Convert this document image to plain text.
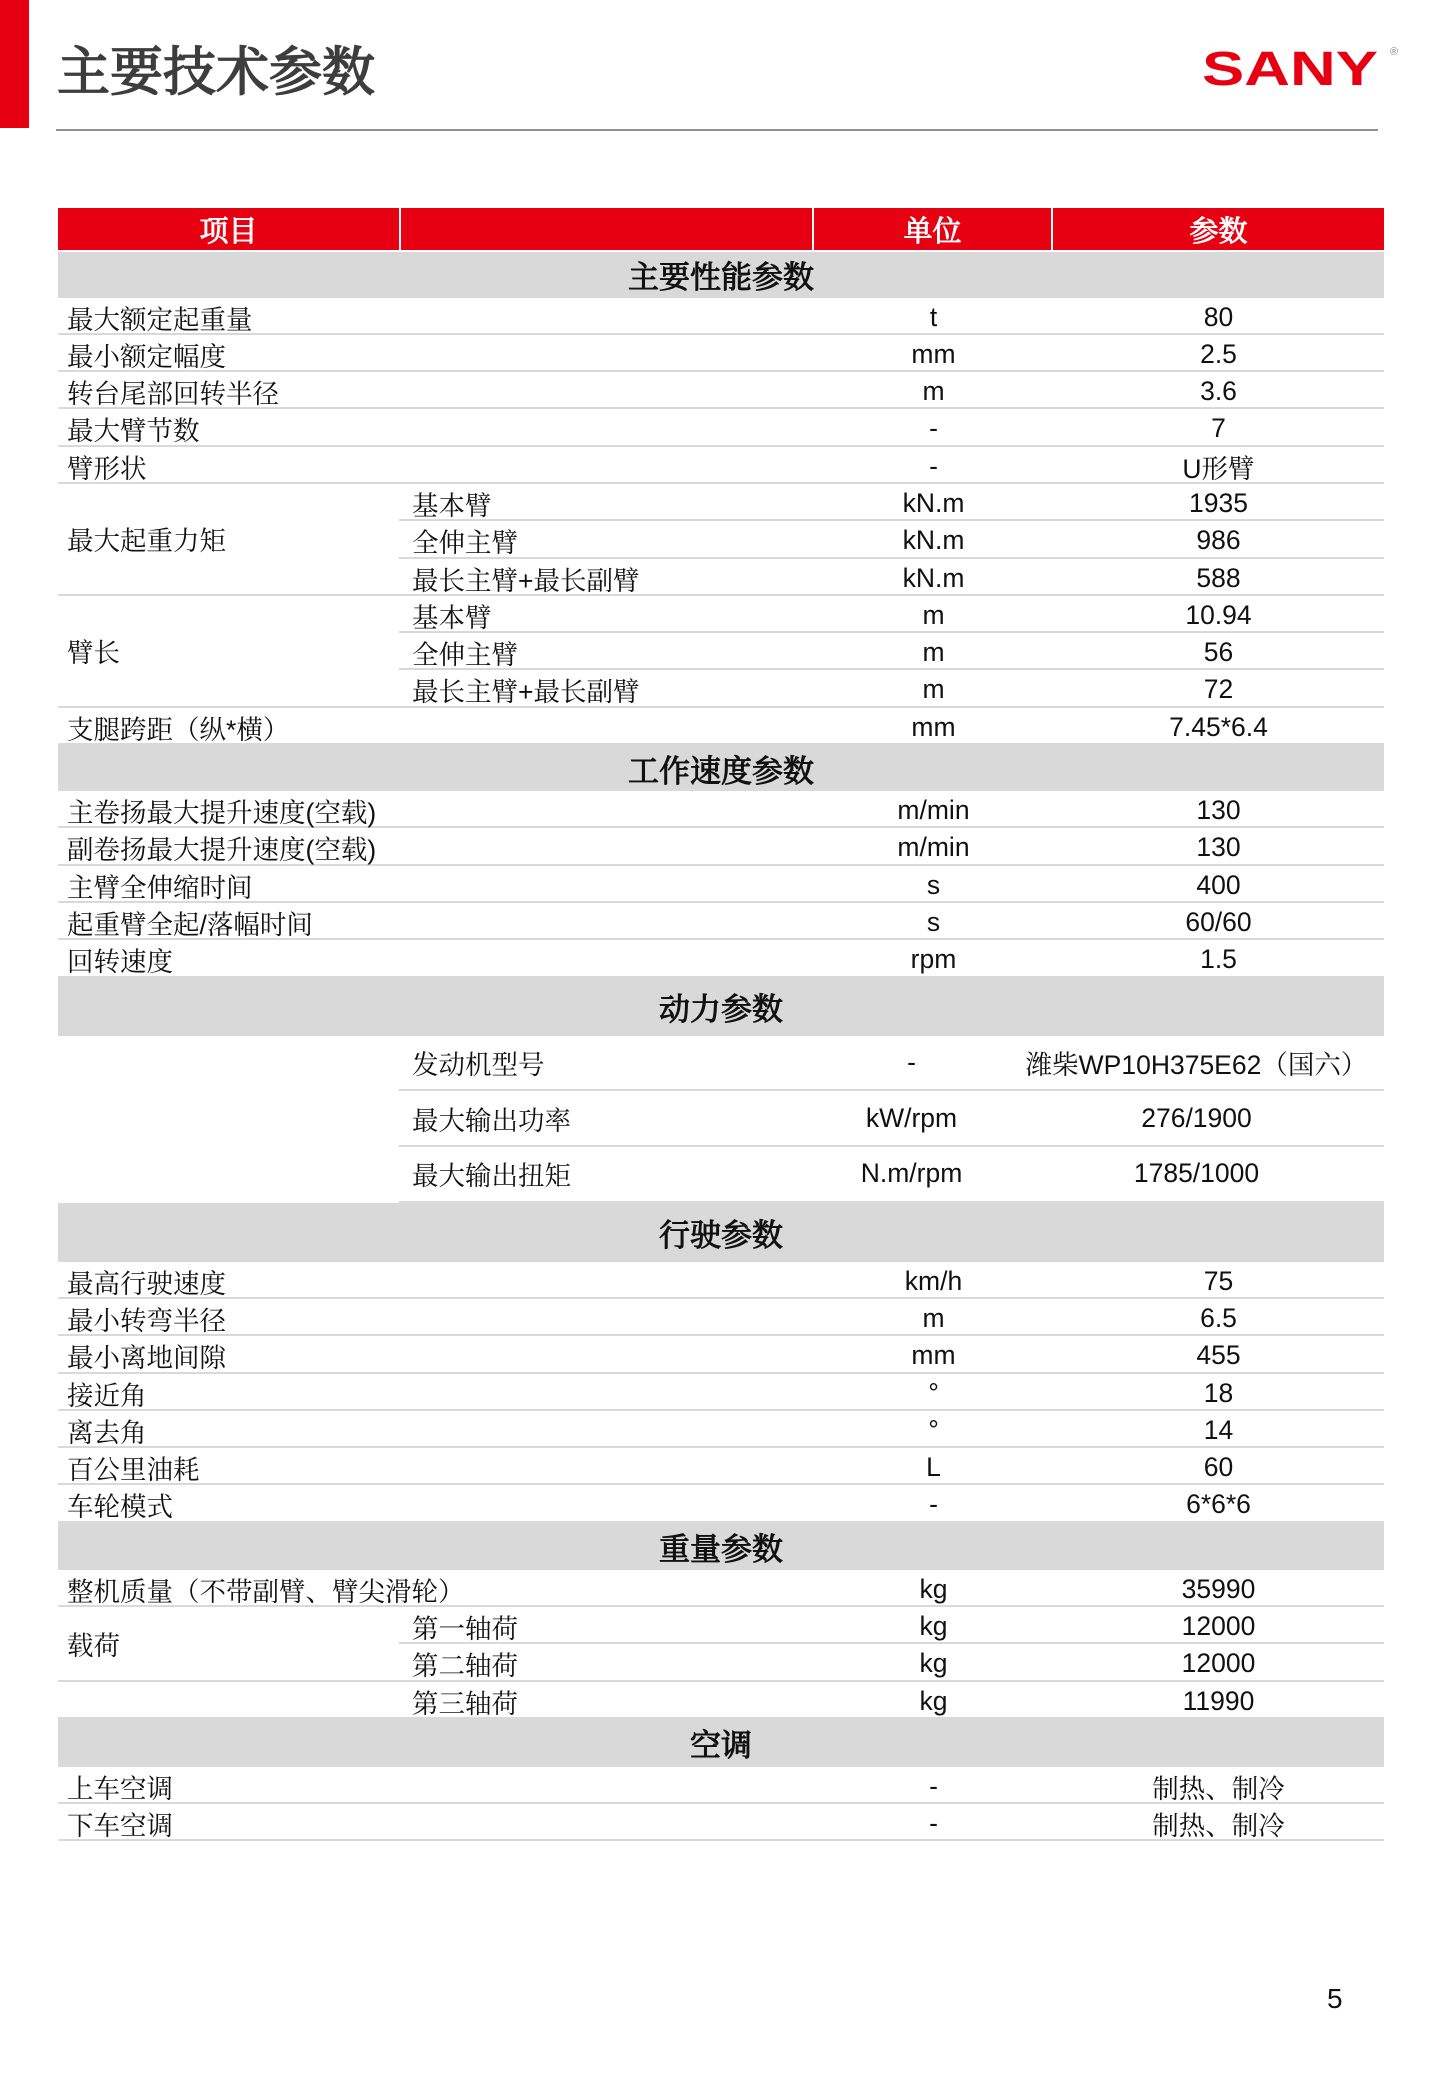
主要技术参数	SANY ®
项目	单位	参数
主要性能参数
最大额定起重量	t	80
最小额定幅度	mm	2.5
转台尾部回转半径	m	3.6
最大臂节数	-	7
臂形状	-	U形臂
最大起重力矩
基本臂	kN.m	1935
全伸主臂	kN.m	986
最长主臂+最长副臂	kN.m	588
臂长
基本臂	m	10.94
全伸主臂	m	56
最长主臂+最长副臂	m	72
支腿跨距（纵*横）	mm	7.45*6.4
工作速度参数
主卷扬最大提升速度(空载)	m/min	130
副卷扬最大提升速度(空载)	m/min	130
主臂全伸缩时间	s	400
起重臂全起/落幅时间	s	60/60
回转速度	rpm	1.5
动力参数
发动机型号	-	潍柴WP10H375E62（国六）
最大输出功率	kW/rpm	276/1900
最大输出扭矩	N.m/rpm	1785/1000
行驶参数
最高行驶速度	km/h	75
最小转弯半径	m	6.5
最小离地间隙	mm	455
接近角	°	18
离去角	°	14
百公里油耗	L	60
车轮模式	-	6*6*6
重量参数
整机质量（不带副臂、臂尖滑轮）	kg	35990
载荷
第一轴荷	kg	12000
第二轴荷	kg	12000
第三轴荷	kg	11990
空调
上车空调	-	制热、制冷
下车空调	-	制热、制冷
5
